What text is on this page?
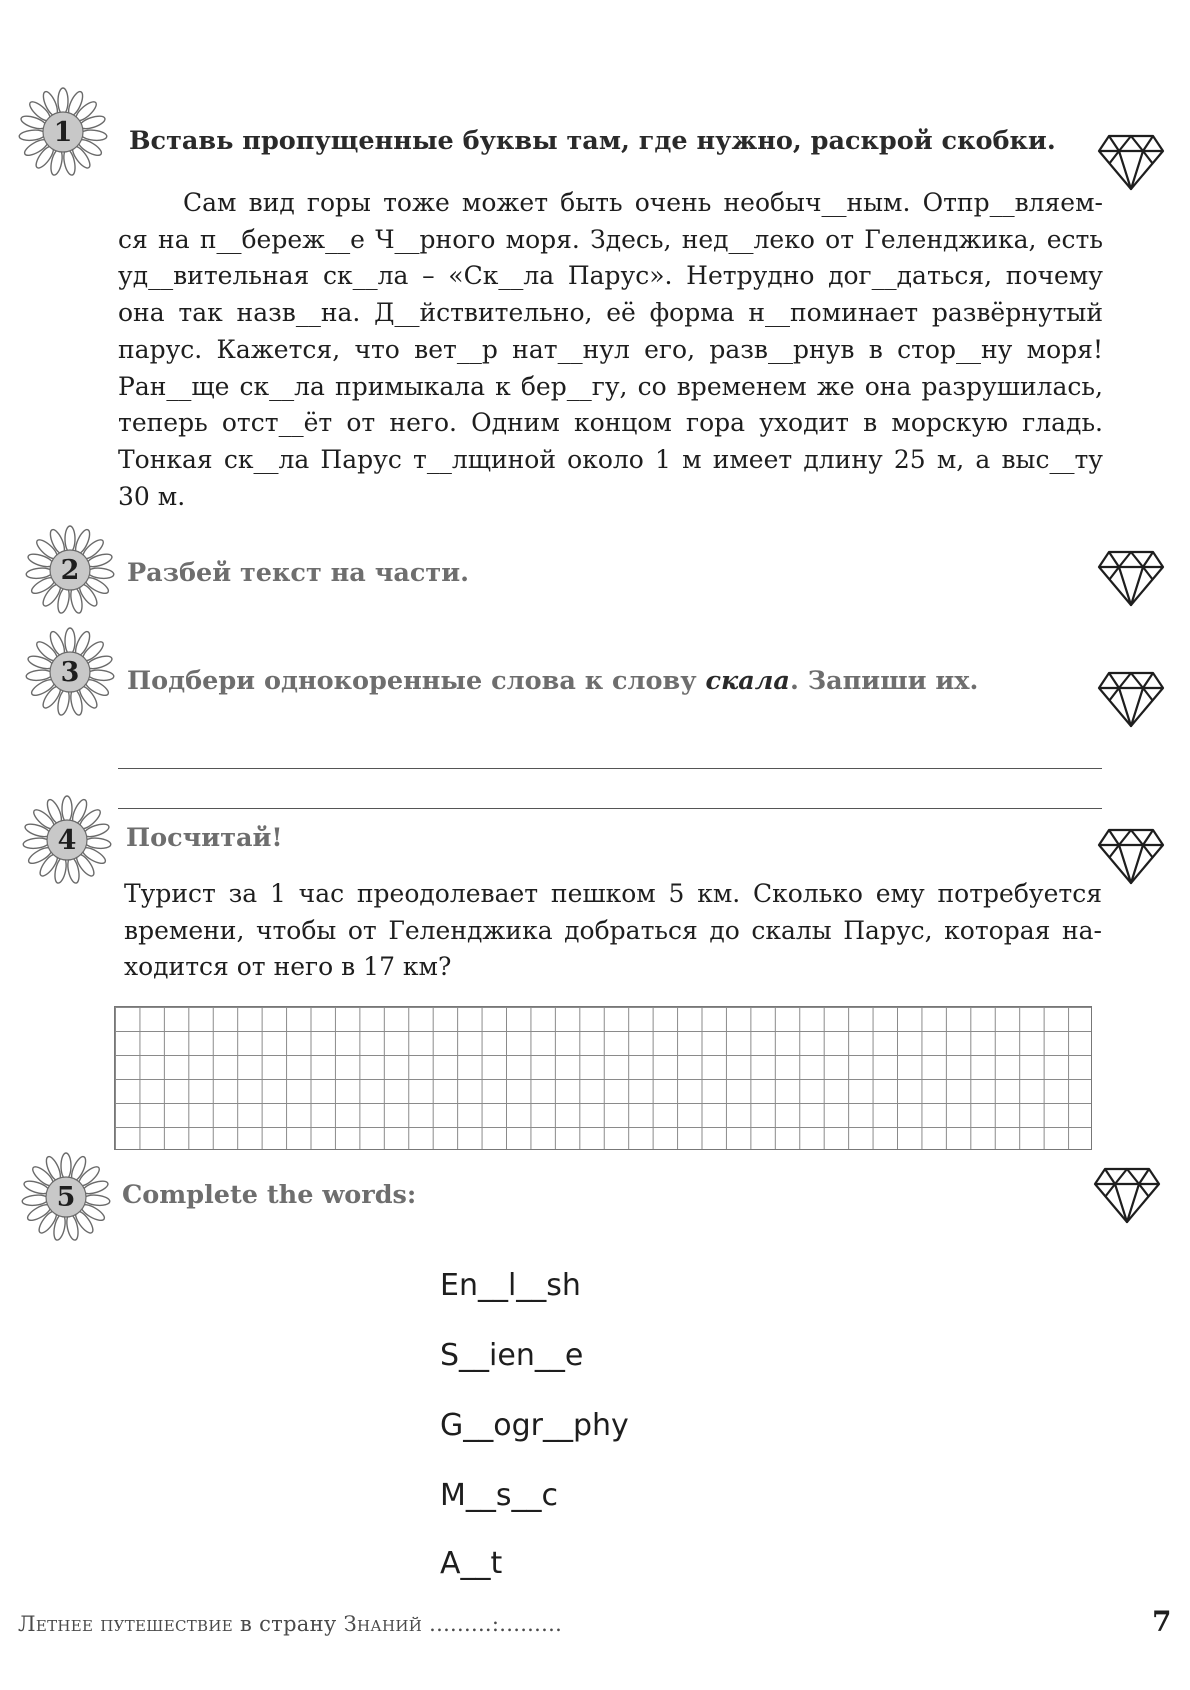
1	Вставь пропущенные буквы там, где нужно, раскрой скобки.
Сам вид горы тоже может быть очень необыч__ным. Отпр__вляем-
ся на п__береж__е Ч__рного моря. Здесь, нед__леко от Геленджика, есть
уд__вительная ск__ла – «Ск__ла Парус». Нетрудно дог__даться, почему
она так назв__на. Д__йствительно, её форма н__поминает развёрнутый
парус. Кажется, что вет__р нат__нул его, разв__рнув в стор__ну моря!
Ран__ще ск__ла примыкала к бер__гу, со временем же она разрушилась,
теперь отст__ёт от него. Одним концом гора уходит в морскую гладь.
Тонкая ск__ла Парус т__лщиной около 1 м имеет длину 25 м, а выс__ту
30 м.
2	Разбей текст на части.
3	Подбери однокоренные слова к слову скала. Запиши их.
4	Посчитай!
Турист за 1 час преодолевает пешком 5 км. Сколько ему потребуется
времени, чтобы от Геленджика добраться до скалы Парус, которая на-
ходится от него в 17 км?
5	Complete the words:
En__l__sh
S__ien__e
G__ogr__phy
M__s__c
A__t
Летнее путешествие в страну Знаний .........:.........	7
